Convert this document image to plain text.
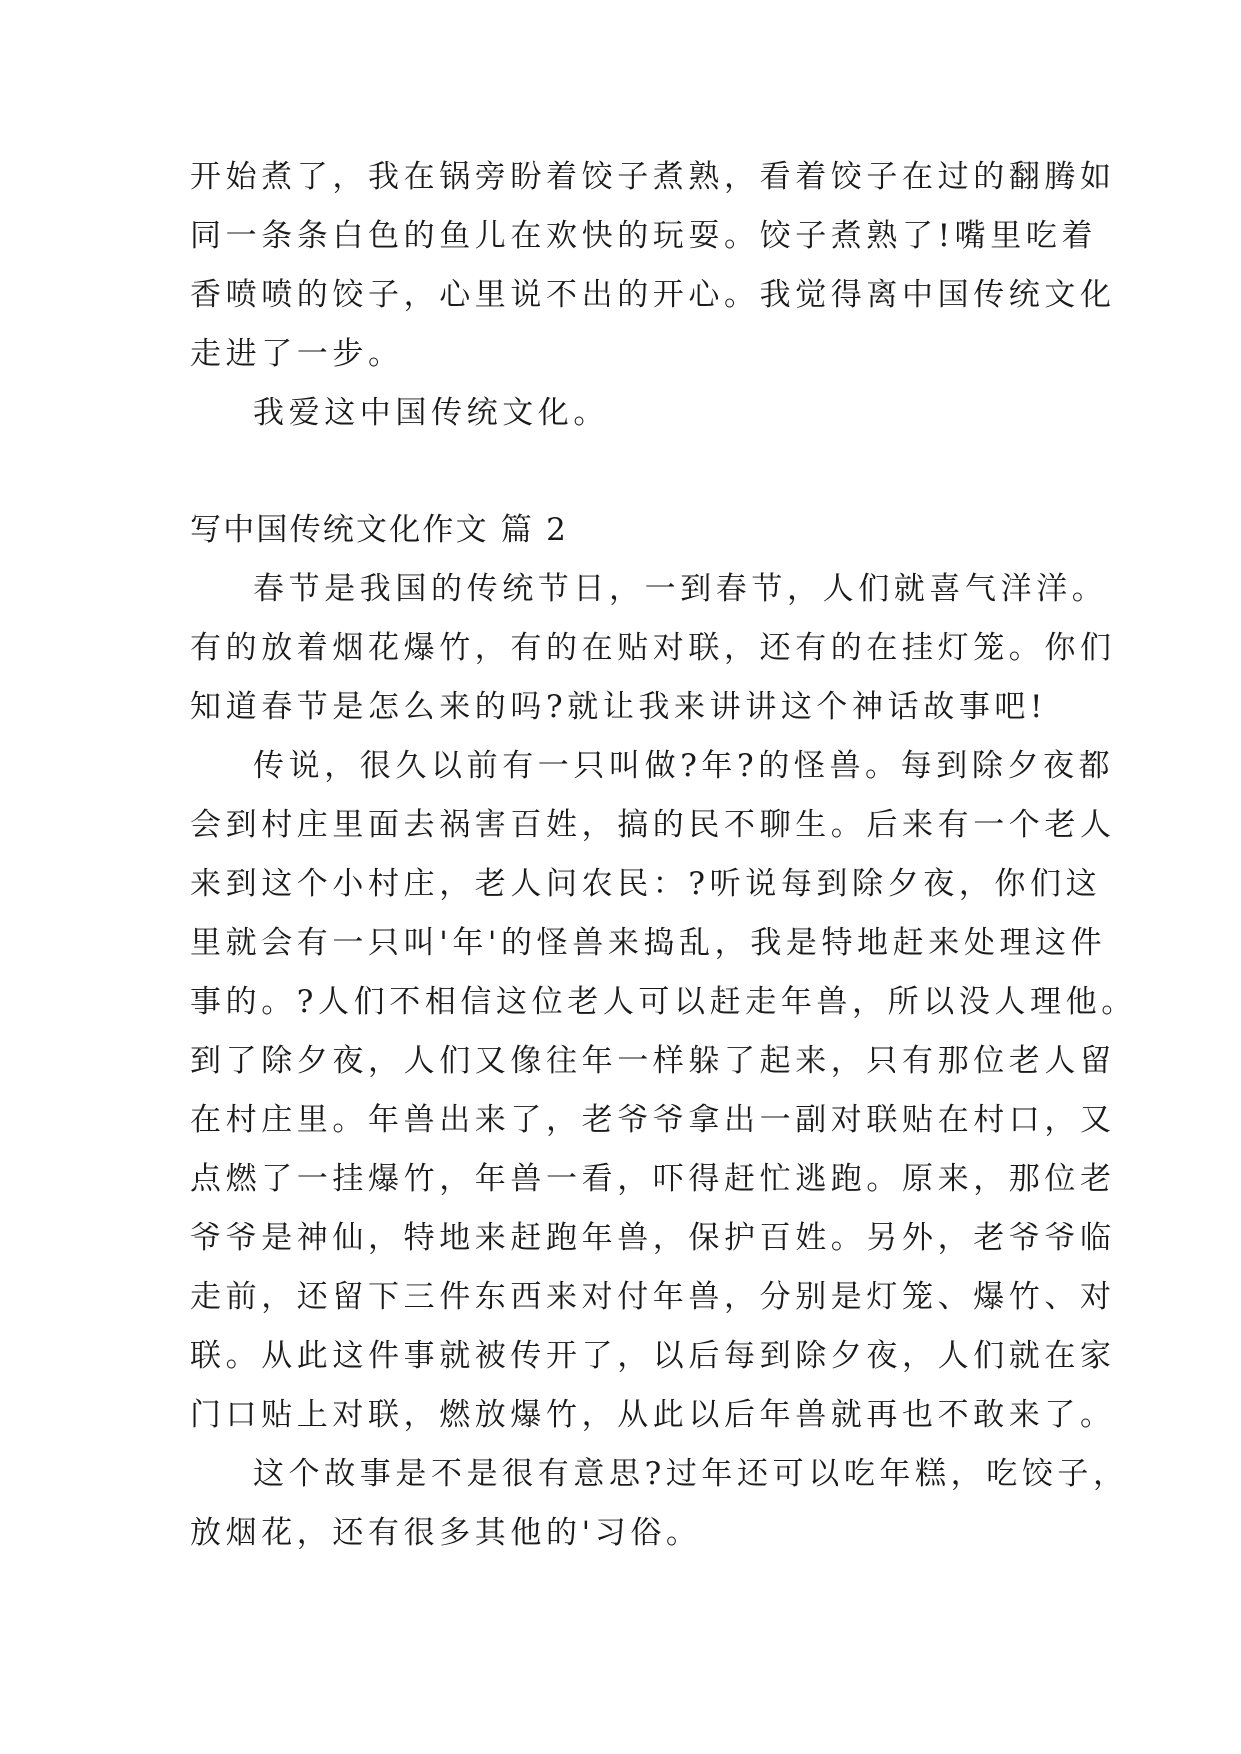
开始煮了，我在锅旁盼着饺子煮熟，看着饺子在过的翻腾如

同一条条白色的鱼儿在欢快的玩耍。饺子煮熟了!嘴里吃着

香喷喷的饺子，心里说不出的开心。我觉得离中国传统文化

走进了一步。

我爱这中国传统文化。

写中国传统文化作文 篇 2

春节是我国的传统节日，一到春节，人们就喜气洋洋。

有的放着烟花爆竹，有的在贴对联，还有的在挂灯笼。你们

知道春节是怎么来的吗?就让我来讲讲这个神话故事吧!

传说，很久以前有一只叫做?年?的怪兽。每到除夕夜都

会到村庄里面去祸害百姓，搞的民不聊生。后来有一个老人

来到这个小村庄，老人问农民：?听说每到除夕夜，你们这

里就会有一只叫'年'的怪兽来捣乱，我是特地赶来处理这件

事的。?人们不相信这位老人可以赶走年兽，所以没人理他。

到了除夕夜，人们又像往年一样躲了起来，只有那位老人留

在村庄里。年兽出来了，老爷爷拿出一副对联贴在村口，又

点燃了一挂爆竹，年兽一看，吓得赶忙逃跑。原来，那位老

爷爷是神仙，特地来赶跑年兽，保护百姓。另外，老爷爷临

走前，还留下三件东西来对付年兽，分别是灯笼、爆竹、对

联。从此这件事就被传开了，以后每到除夕夜，人们就在家

门口贴上对联，燃放爆竹，从此以后年兽就再也不敢来了。

这个故事是不是很有意思?过年还可以吃年糕，吃饺子，

放烟花，还有很多其他的'习俗。
